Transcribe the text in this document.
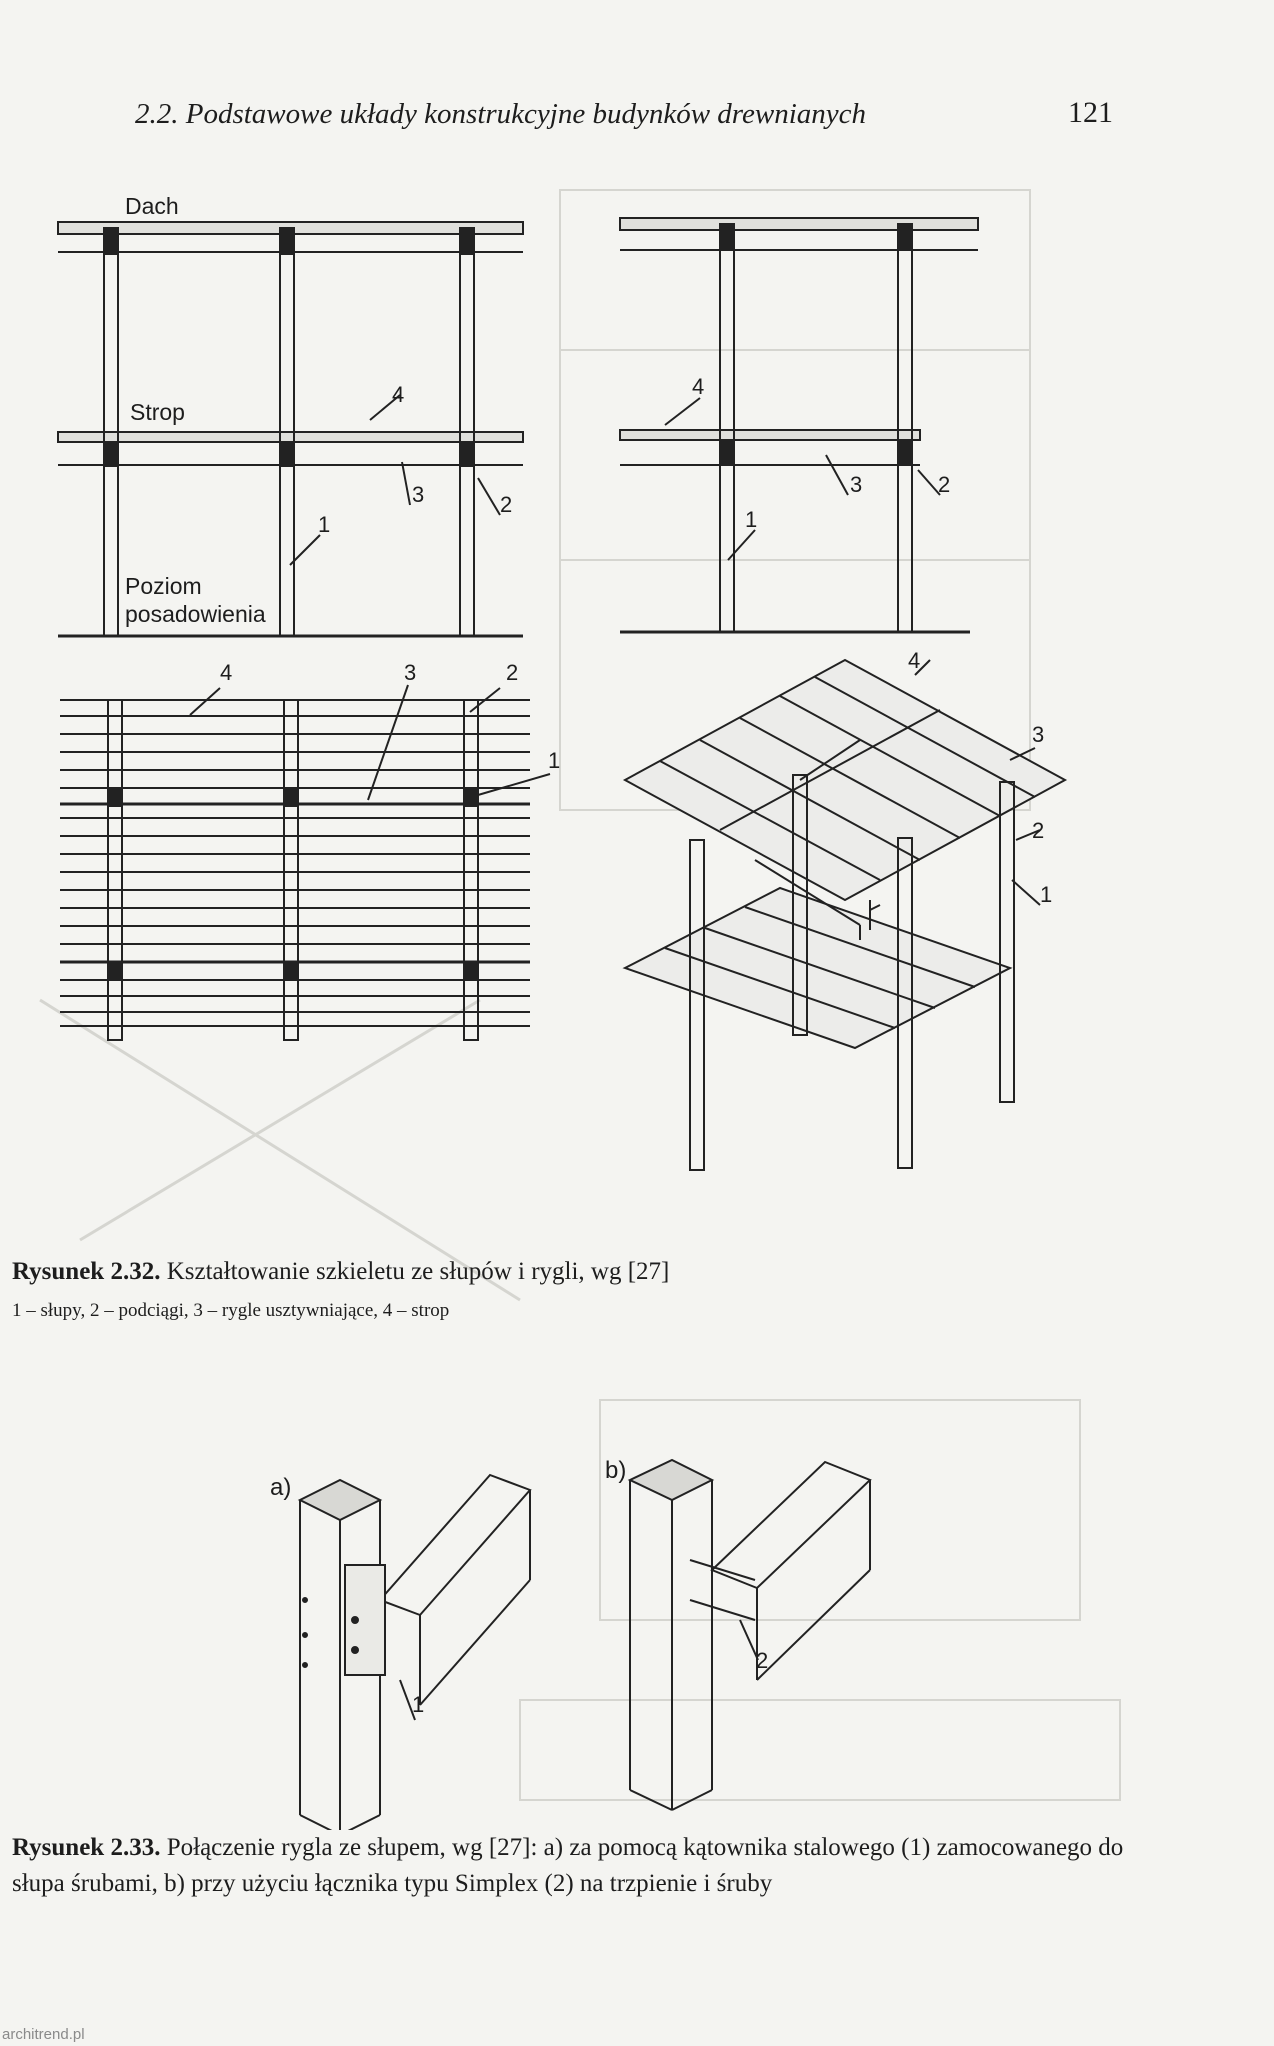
2.2. Podstawowe układy konstrukcyjne budynków drewnianych	121
Dach
Strop
Poziom
posadowienia
4
3	2
1
4
3	2
1
4	3	2
1
4
3
2
1
Rysunek 2.32. Kształtowanie szkieletu ze słupów i rygli, wg [27]
1 – słupy, 2 – podciągi, 3 – rygle usztywniające, 4 – strop
a)
1
b)
2
Rysunek 2.33. Połączenie rygla ze słupem, wg [27]: a) za pomocą kątownika stalowego (1) zamocowanego do słupa śrubami, b) przy użyciu łącznika typu Simplex (2) na trzpienie i śruby
architrend.pl
